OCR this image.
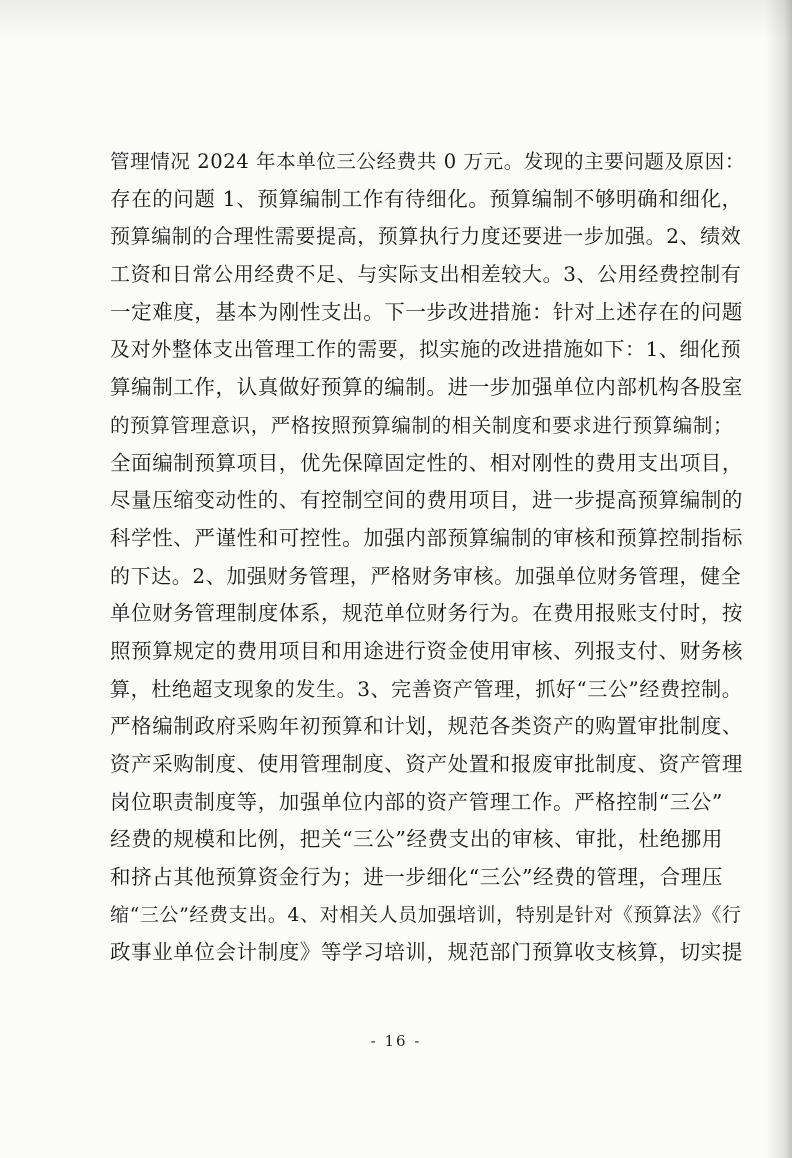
管理情况 2024 年本单位三公经费共 0 万元。发现的主要问题及原因：
存在的问题 1、预算编制工作有待细化。预算编制不够明确和细化，
预算编制的合理性需要提高，预算执行力度还要进一步加强。2、绩效
工资和日常公用经费不足、与实际支出相差较大。3、公用经费控制有
一定难度，基本为刚性支出。下一步改进措施：针对上述存在的问题
及对外整体支出管理工作的需要，拟实施的改进措施如下：1、细化预
算编制工作，认真做好预算的编制。进一步加强单位内部机构各股室
的预算管理意识，严格按照预算编制的相关制度和要求进行预算编制；
全面编制预算项目，优先保障固定性的、相对刚性的费用支出项目，
尽量压缩变动性的、有控制空间的费用项目，进一步提高预算编制的
科学性、严谨性和可控性。加强内部预算编制的审核和预算控制指标
的下达。2、加强财务管理，严格财务审核。加强单位财务管理，健全
单位财务管理制度体系，规范单位财务行为。在费用报账支付时，按
照预算规定的费用项目和用途进行资金使用审核、列报支付、财务核
算，杜绝超支现象的发生。3、完善资产管理，抓好“三公”经费控制。
严格编制政府采购年初预算和计划，规范各类资产的购置审批制度、
资产采购制度、使用管理制度、资产处置和报废审批制度、资产管理
岗位职责制度等，加强单位内部的资产管理工作。严格控制“三公”
经费的规模和比例，把关“三公”经费支出的审核、审批，杜绝挪用
和挤占其他预算资金行为；进一步细化“三公”经费的管理，合理压
缩“三公”经费支出。4、对相关人员加强培训，特别是针对《预算法》《行
政事业单位会计制度》等学习培训，规范部门预算收支核算，切实提
- 16 -
